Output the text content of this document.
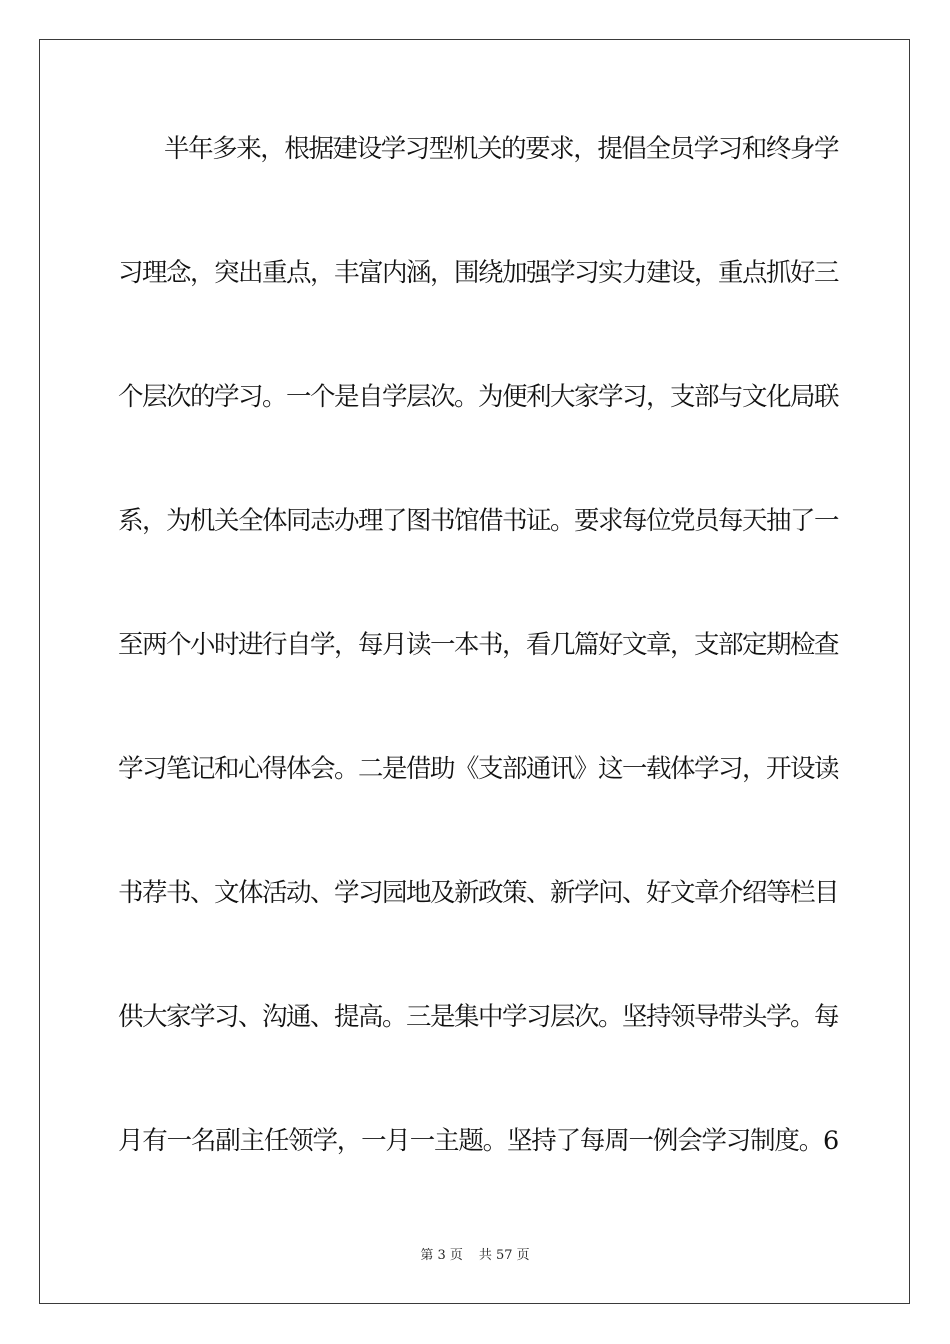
半年多来，根据建设学习型机关的要求，提倡全员学习和终身学
习理念，突出重点，丰富内涵，围绕加强学习实力建设，重点抓好三
个层次的学习。一个是自学层次。为便利大家学习，支部与文化局联
系，为机关全体同志办理了图书馆借书证。要求每位党员每天抽了一
至两个小时进行自学，每月读一本书，看几篇好文章，支部定期检查
学习笔记和心得体会。二是借助《支部通讯》这一载体学习，开设读
书荐书、文体活动、学习园地及新政策、新学问、好文章介绍等栏目
供大家学习、沟通、提高。三是集中学习层次。坚持领导带头学。每
月有一名副主任领学，一月一主题。坚持了每周一例会学习制度。6
第 3 页 共 57 页
